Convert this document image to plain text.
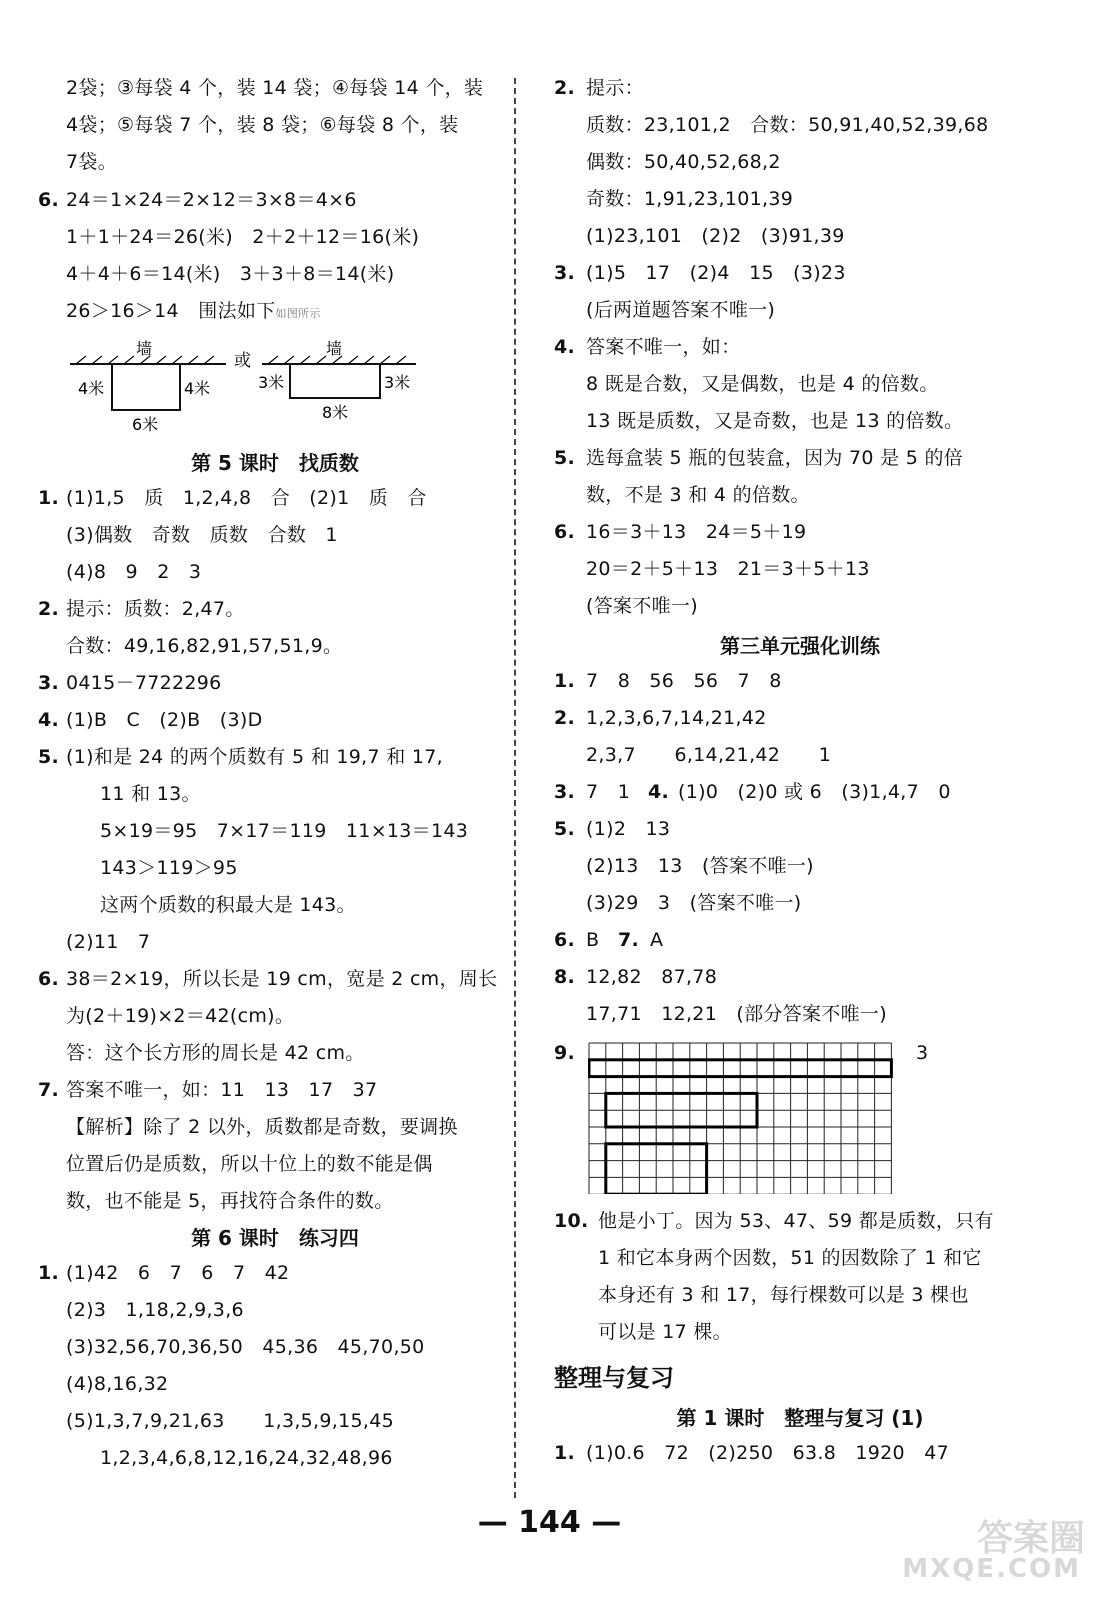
2袋；③每袋 4 个，装 14 袋；④每袋 14 个，装
4袋；⑤每袋 7 个，装 8 袋；⑥每袋 8 个，装
7袋。
6. 24＝1×24＝2×12＝3×8＝4×6
1＋1＋24＝26(米)　2＋2＋12＝16(米)
4＋4＋6＝14(米)　3＋3＋8＝14(米)
26＞16＞14　围法如下如图所示
墙
4米	4米
6米
或
墙
3米	3米
8米
第 5 课时　找质数
1. (1)1,5　质　1,2,4,8　合　(2)1　质　合
(3)偶数　奇数　质数　合数　1
(4)8　9　2　3
2. 提示：质数：2,47。
合数：49,16,82,91,57,51,9。
3. 0415－7722296
4. (1)B　C　(2)B　(3)D
5. (1)和是 24 的两个质数有 5 和 19,7 和 17,
11 和 13。
5×19＝95　7×17＝119　11×13＝143
143＞119＞95
这两个质数的积最大是 143。
(2)11　7
6. 38＝2×19，所以长是 19 cm，宽是 2 cm，周长
为(2＋19)×2＝42(cm)。
答：这个长方形的周长是 42 cm。
7. 答案不唯一，如：11　13　17　37
【解析】除了 2 以外，质数都是奇数，要调换
位置后仍是质数，所以十位上的数不能是偶
数，也不能是 5，再找符合条件的数。
第 6 课时　练习四
1. (1)42　6　7　6　7　42
(2)3　1,18,2,9,3,6
(3)32,56,70,36,50　45,36　45,70,50
(4)8,16,32
(5)1,3,7,9,21,63　　1,3,5,9,15,45
1,2,3,4,6,8,12,16,24,32,48,96
2. 提示：
质数：23,101,2　合数：50,91,40,52,39,68
偶数：50,40,52,68,2
奇数：1,91,23,101,39
(1)23,101　(2)2　(3)91,39
3. (1)5　17　(2)4　15　(3)23
(后两道题答案不唯一)
4. 答案不唯一，如：
8 既是合数，又是偶数，也是 4 的倍数。
13 既是质数，又是奇数，也是 13 的倍数。
5. 选每盒装 5 瓶的包装盒，因为 70 是 5 的倍
数，不是 3 和 4 的倍数。
6. 16＝3＋13　24＝5＋19
20＝2＋5＋13　21＝3＋5＋13
(答案不唯一)
第三单元强化训练
1. 7　8　56　56　7　8
2. 1,2,3,6,7,14,21,42
2,3,7　　6,14,21,42　　1
3. 7　1 4. (1)0　(2)0 或 6　(3)1,4,7　0
5. (1)2　13
(2)13　13　(答案不唯一)
(3)29　3　(答案不唯一)
6. B 7. A
8. 12,82　87,78
17,71　12,21　(部分答案不唯一)
9.	3
10. 他是小丁。因为 53、47、59 都是质数，只有
1 和它本身两个因数，51 的因数除了 1 和它
本身还有 3 和 17，每行棵数可以是 3 棵也
可以是 17 棵。
整理与复习
第 1 课时　整理与复习 (1)
1. (1)0.6　72　(2)250　63.8　1920　47
— 144 —	答案圈
MXQE.COM
